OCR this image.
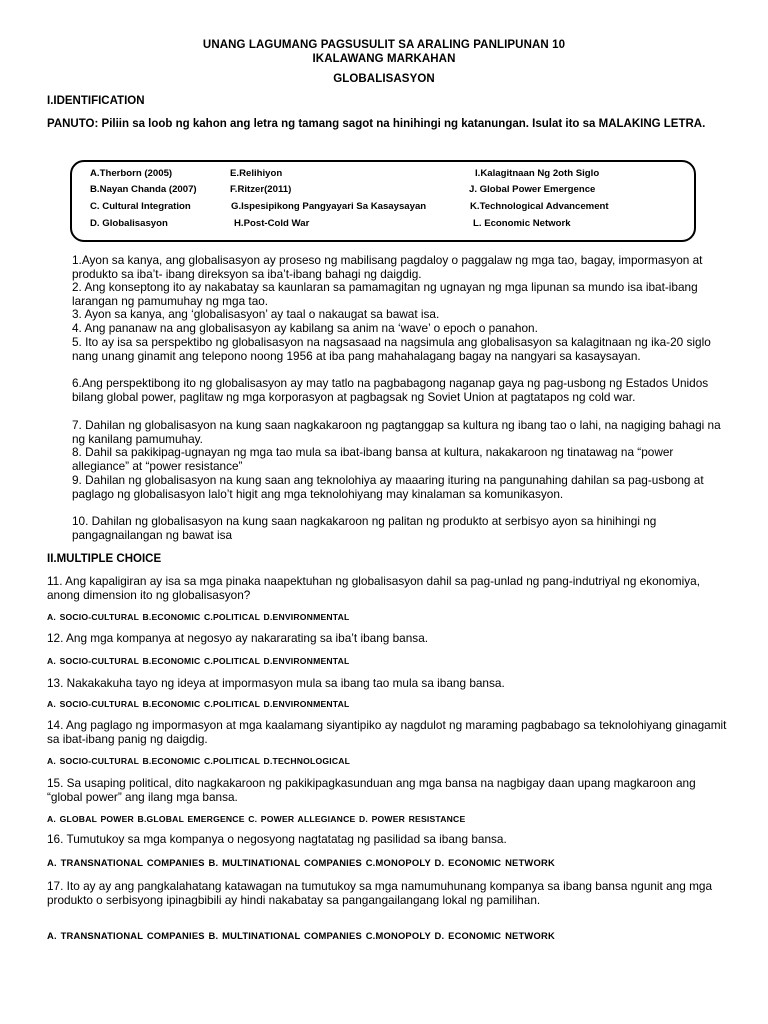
UNANG LAGUMANG PAGSUSULIT SA ARALING PANLIPUNAN 10
IKALAWANG MARKAHAN
GLOBALISASYON
I.IDENTIFICATION
PANUTO: Piliin sa loob ng kahon ang letra ng tamang sagot na hinihingi ng katanungan. Isulat ito sa MALAKING LETRA.
A.Therborn (2005)	E.Relihiyon	I.Kalagitnaan Ng 2oth Siglo
B.Nayan Chanda (2007)	F.Ritzer(2011)	J. Global Power Emergence
C. Cultural Integration	G.Ispesipikong Pangyayari Sa Kasaysayan	K.Technological Advancement
D. Globalisasyon	H.Post-Cold War	L. Economic Network
1.Ayon sa kanya, ang globalisasyon ay proseso ng mabilisang pagdaloy o paggalaw ng mga tao, bagay, impormasyon at produkto sa iba’t- ibang direksyon sa iba’t-ibang bahagi ng daigdig.
2. Ang konseptong ito ay nakabatay sa kaunlaran sa pamamagitan ng ugnayan ng mga lipunan sa mundo isa ibat-ibang larangan ng pamumuhay ng mga tao.
3. Ayon sa kanya, ang ‘globalisasyon’ ay taal o nakaugat sa bawat isa.
4. Ang pananaw na ang globalisasyon ay kabilang sa anim na ‘wave’ o epoch o panahon.
5. Ito ay isa sa perspektibo ng globalisasyon na nagsasaad na nagsimula ang globalisasyon sa kalagitnaan ng ika-20 siglo nang unang ginamit ang telepono noong 1956 at iba pang mahahalagang bagay na nangyari sa kasaysayan.
6.Ang perspektibong ito ng globalisasyon ay may tatlo na pagbabagong naganap gaya ng pag-usbong ng Estados Unidos bilang global power, paglitaw ng mga korporasyon at pagbagsak ng Soviet Union at pagtatapos ng cold war.
7. Dahilan ng globalisasyon na kung saan nagkakaroon ng pagtanggap sa kultura ng ibang tao o lahi, na nagiging bahagi na ng kanilang pamumuhay.
8. Dahil sa pakikipag-ugnayan ng mga tao mula sa ibat-ibang bansa at kultura, nakakaroon ng tinatawag na “power allegiance” at “power resistance”
9. Dahilan ng globalisasyon na kung saan ang teknolohiya ay maaaring ituring na pangunahing dahilan sa pag-usbong at paglago ng globalisasyon lalo’t higit ang mga teknolohiyang may kinalaman sa komunikasyon.
10. Dahilan ng globalisasyon na kung saan nagkakaroon ng palitan ng produkto at serbisyo ayon sa hinihingi ng pangagnailangan ng bawat isa
II.MULTIPLE CHOICE
11. Ang kapaligiran ay isa sa mga pinaka naapektuhan ng globalisasyon dahil sa pag-unlad ng pang-indutriyal ng ekonomiya, anong dimension ito ng globalisasyon?
A. SOCIO-CULTURAL B.ECONOMIC C.POLITICAL D.ENVIRONMENTAL
12. Ang mga kompanya at negosyo ay nakararating sa iba’t ibang bansa.
A. SOCIO-CULTURAL B.ECONOMIC C.POLITICAL D.ENVIRONMENTAL
13. Nakakakuha tayo ng ideya at impormasyon mula sa ibang tao mula sa ibang bansa.
A. SOCIO-CULTURAL B.ECONOMIC C.POLITICAL D.ENVIRONMENTAL
14. Ang paglago ng impormasyon at mga kaalamang siyantipiko ay nagdulot ng maraming pagbabago sa teknolohiyang ginagamit sa ibat-ibang panig ng daigdig.
A. SOCIO-CULTURAL B.ECONOMIC C.POLITICAL D.TECHNOLOGICAL
15. Sa usaping political, dito nagkakaroon ng pakikipagkasunduan ang mga bansa na nagbigay daan upang magkaroon ang “global power” ang ilang mga bansa.
A. GLOBAL POWER B.GLOBAL EMERGENCE C. POWER ALLEGIANCE D. POWER RESISTANCE
16. Tumutukoy sa mga kompanya o negosyong nagtatatag ng pasilidad sa ibang bansa.
A. TRANSNATIONAL COMPANIES B. MULTINATIONAL COMPANIES C.MONOPOLY D. ECONOMIC NETWORK
17. Ito ay ay ang pangkalahatang katawagan na tumutukoy sa mga namumuhunang kompanya sa ibang bansa ngunit ang mga produkto o serbisyong ipinagbibili ay hindi nakabatay sa pangangailangang lokal ng pamilihan.
A. TRANSNATIONAL COMPANIES B. MULTINATIONAL COMPANIES C.MONOPOLY D. ECONOMIC NETWORK
